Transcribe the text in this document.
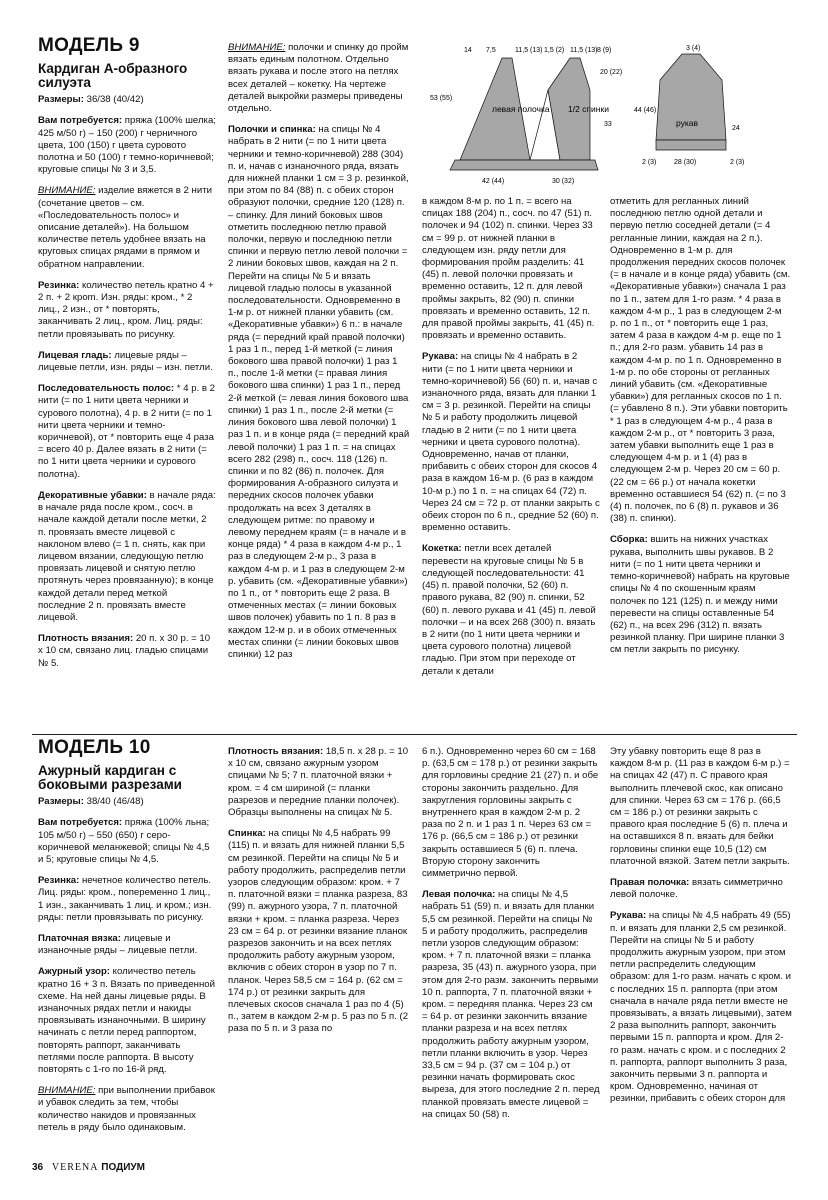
МОДЕЛЬ 9
Кардиган А-образного силуэта

Размеры: 36/38 (40/42)

Вам потребуется: пряжа (100% шелка; 425 м/50 г) – 150 (200) г черничного цвета, 100 (150) г цвета суровото полотна и 50 (100) г темно-коричневой; круговые спицы № 3 и 3,5.

ВНИМАНИЕ: изделие вяжется в 2 нити (сочетание цветов – см. «Последовательность полос» и описание деталей»). На большом количестве петель удобнее вязать на круговых спицах рядами в прямом и обратном направлении.

Резинка: количество петель кратно 4 + 2 п. + 2 крom. Изн. ряды: кром., * 2 лиц., 2 изн., от * повторять, заканчивать 2 лиц., кром. Лиц. ряды: петли провязывать по рисунку.

Лицевая гладь: лицевые ряды – лицевые петли, изн. ряды – изн. петли.

Последовательность полос: * 4 р. в 2 нити (= по 1 нити цвета черники и сурового полотна), 4 р. в 2 нити (= по 1 нити цвета черники и темно-коричневой), от * повторить еще 4 раза = всего 40 р. Далее вязать в 2 нити (= по 1 нити цвета черники и сурового полотна).

Декоративные убавки: в начале ряда: в начале ряда после кром., сосч. в начале каждой детали после метки, 2 п. провязать вместе лицевой с наклоном влево (= 1 п. снять, как при лицевом вязании, следующую петлю провязать лицевой и снятую петлю протянуть через провязанную); в конце каждой детали перед меткой последние 2 п. провязать вместе лицевой.

Плотность вязания: 20 п. х 30 р. = 10 х 10 см, связано лиц. гладью спицами № 5.

ВНИМАНИЕ: полочки и спинку до пройм вязать единым полотном. Отдельно вязать рукава и после этого на петлях всех деталей – кокетку. На чертеже деталей выкройки размеры приведены отдельно.

Полочки и спинка: на спицы № 4 набрать в 2 нити (= по 1 нити цвета черники и темно-коричневой) 288 (304) п. и, начав с изнаночного ряда, вязать для нижней планки 1 см = 3 р. резинкой, при этом по 84 (88) п. с обеих сторон образуют полочки, средние 120 (128) п. – спинку. Для линий боковых швов отметить последнюю петлю правой полочки, первую и последнюю петли спинки и первую петлю левой полочки = 2 линии боковых швов, каждая на 2 п. Перейти на спицы № 5 и вязать лицевой гладью полосы в указанной последовательности. Одновременно в 1-м р. от нижней планки убавить (см. «Декоративные убавки») 6 п.: в начале ряда (= передний край правой полочки) 1 раз 1 п., перед 1-й меткой (= линия бокового шва правой полочки) 1 раз 1 п., после 1-й метки (= правая линия бокового шва спинки) 1 раз 1 п., перед 2-й меткой (= левая линия бокового шва спинки) 1 раз 1 п., после 2-й метки (= линия бокового шва левой полочки) 1 раз 1 п. и в конце ряда (= передний край левой полочки) 1 раз 1 п. = на спицах всего 282 (298) п., сосч. 118 (126) п. спинки и по 82 (86) п. полочек. Для формирования А-образного силуэта и передних скосов полочек убавки продолжать на всех 3 деталях в следующем ритме: по правому и левому переднем краям (= в начале и в конце ряда) * 4 раза в каждом 4-м р., 1 раз в следующем 2-м р., 3 раза в каждом 4-м р. и 1 раз в следующем 2-м р. убавить (см. «Декоративные убавки») по 1 п., от * повторить еще 2 раза. В отмеченных местах (= линии боковых швов полочек) убавить по 1 п. 8 раз в каждом 12-м р. и в обоих отмеченных местах спинки (= линии боковых швов спинки) 12 раз

левая полочка 1/2 спинки
14 7,5	11,5 (13) 1,5 (2) 11,5 (13) 8 (9)
20 (22)
53 (55)
33
42 (44)	30 (32)
рукав
3 (4)
44 (46)
24
28 (30)
2 (3)	2 (3)

в каждом 8-м р. по 1 п. = всего на спицах 188 (204) п., сосч. по 47 (51) п. полочек и 94 (102) п. спинки. Через 33 см = 99 р. от нижней планки в следующем изн. ряду петли для формирования пройм разделить: 41 (45) п. левой полочки провязать и временно оставить, 12 п. для левой проймы закрыть, 82 (90) п. спинки провязать и временно оставить, 12 п. для правой проймы закрыть, 41 (45) п. провязать и временно оставить.

Рукава: на спицы № 4 набрать в 2 нити (= по 1 нити цвета черники и темно-коричневой) 56 (60) п. и, начав с изнаночного ряда, вязать для планки 1 см = 3 р. резинкой. Перейти на спицы № 5 и работу продолжить лицевой гладью в 2 нити (= по 1 нити цвета черники и цвета сурового полотна). Одновременно, начав от планки, прибавить с обеих сторон для скосов 4 раза в каждом 16-м р. (6 раз в каждом 10-м р.) по 1 п. = на спицах 64 (72) п. Через 24 см = 72 р. от планки закрыть с обеих сторон по 6 п., средние 52 (60) п. временно оставить.

Кокетка: петли всех деталей перевести на круговые спицы № 5 в следующей последовательности: 41 (45) п. правой полочки, 52 (60) п. правого рукава, 82 (90) п. спинки, 52 (60) п. левого рукава и 41 (45) п. левой полочки – и на всех 268 (300) п. вязать в 2 нити (по 1 нити цвета черники и цвета сурового полотна) лицевой гладью. При этом при переходе от детали к детали

отметить для регланных линий последнюю петлю одной детали и первую петлю соседней детали (= 4 регланные линии, каждая на 2 п.). Одновременно в 1-м р. для продолжения передних скосов полочек (= в начале и в конце ряда) убавить (см. «Декоративные убавки») сначала 1 раз по 1 п., затем для 1-го разм. * 4 раза в каждом 4-м р., 1 раз в следующем 2-м р. по 1 п., от * повторить еще 1 раз, затем 4 раза в каждом 4-м р. еще по 1 п.; для 2-го разм. убавить 14 раз в каждом 4-м р. по 1 п. Одновременно в 1-м р. по обе стороны от регланных линий убавить (см. «Декоративные убавки») для регланных скосов по 1 п. (= убавлено 8 п.). Эти убавки повторить * 1 раз в следующем 4-м р., 4 раза в каждом 2-м р., от * повторить 3 раза, затем убавки выполнить еще 1 раз в следующем 4-м р. и 1 (4) раз в следующем 2-м р. Через 20 см = 60 р. (22 см = 66 р.) от начала кокетки временно оставшиеся 54 (62) п. (= по 3 (4) п. полочек, по 6 (8) п. рукавов и 36 (38) п. спинки).

Сборка: вшить на нижних участках рукава, выполнить швы рукавов. В 2 нити (= по 1 нити цвета черники и темно-коричневой) набрать на круговые спицы № 4 по скошенным краям полочек по 121 (125) п. и между ними перевести на спицы оставленные 54 (62) п., на всех 296 (312) п. вязать резинкой планку. При ширине планки 3 см петли закрыть по рисунку.

МОДЕЛЬ 10
Ажурный кардиган с боковыми разрезами

Размеры: 38/40 (46/48)

Вам потребуется: пряжа (100% льна; 105 м/50 г) – 550 (650) г серо-коричневой меланжевой; спицы № 4,5 и 5; круговые спицы № 4,5.

Резинка: нечетное количество петель. Лиц. ряды: кром., попеременно 1 лиц., 1 изн., заканчивать 1 лиц. и кром.; изн. ряды: петли провязывать по рисунку.

Платочная вязка: лицевые и изнаночные ряды – лицевые петли.

Ажурный узор: количество петель кратно 16 + 3 п. Вязать по приведенной схеме. На ней даны лицевые ряды. В изнаночных рядах петли и накиды провязывать изнаночными. В ширину начинать с петли перед раппортом, повторять раппорт, заканчивать петлями после раппорта. В высоту повторять с 1-го по 16-й ряд.

ВНИМАНИЕ: при выполнении прибавок и убавок следить за тем, чтобы количество накидов и провязанных петель в ряду было одинаковым.

Плотность вязания: 18,5 п. х 28 р. = 10 х 10 см, связано ажурным узором спицами № 5; 7 п. платочной вязки + кром. = 4 см шириной (= планки разрезов и передние планки полочек). Образцы выполнены на спицах № 5.

Спинка: на спицы № 4,5 набрать 99 (115) п. и вязать для нижней планки 5,5 см резинкой. Перейти на спицы № 5 и работу продолжить, распределив петли узоров следующим образом: кром. + 7 п. платочной вязки = планка разреза, 83 (99) п. ажурного узора, 7 п. платочной вязки + кром. = планка разреза. Через 23 см = 64 р. от резинки вязание планок разрезов закончить и на всех петлях продолжить работу ажурным узором, включив с обеих сторон в узор по 7 п. планок. Через 58,5 см = 164 р. (62 см = 174 р.) от резинки закрыть для плечевых скосов сначала 1 раз по 4 (5) п., затем в каждом 2-м р. 5 раз по 5 п. (2 раза по 5 п. и 3 раза по

6 п.). Одновременно через 60 см = 168 р. (63,5 см = 178 р.) от резинки закрыть для горловины средние 21 (27) п. и обе стороны закончить раздельно. Для закругления горловины закрыть с внутреннего края в каждом 2-м р. 2 раза по 2 п. и 1 раз 1 п. Через 63 см = 176 р. (66,5 см = 186 р.) от резинки закрыть оставшиеся 5 (6) п. плеча. Вторую сторону закончить симметрично первой.

Левая полочка: на спицы № 4,5 набрать 51 (59) п. и вязать для планки 5,5 см резинкой. Перейти на спицы № 5 и работу продолжить, распределив петли узоров следующим образом: кром. + 7 п. платочной вязки = планка разреза, 35 (43) п. ажурного узора, при этом для 2-го разм. закончить первыми 10 п. раппорта, 7 п. платочной вязки + кром. = передняя планка. Через 23 см = 64 р. от резинки закончить вязание планки разреза и на всех петлях продолжить работу ажурным узором, петли планки включить в узор. Через 33,5 см = 94 р. (37 см = 104 р.) от резинки начать формировать скос выреза, для этого последние 2 п. перед планкой провязать вместе лицевой = на спицах 50 (58) п.

Эту убавку повторить еще 8 раз в каждом 8-м р. (11 раз в каждом 6-м р.) = на спицах 42 (47) п. С правого края выполнить плечевой скос, как описано для спинки. Через 63 см = 176 р. (66,5 см = 186 р.) от резинки закрыть с правого края последние 5 (6) п. плеча и на оставшихся 8 п. вязать для бейки горловины спинки еще 10,5 (12) см платочной вязкой. Затем петли закрыть.

Правая полочка: вязать симметрично левой полочке.

Рукава: на спицы № 4,5 набрать 49 (55) п. и вязать для планки 2,5 см резинкой. Перейти на спицы № 5 и работу продолжить ажурным узором, при этом петли распределить следующим образом: для 1-го разм. начать с кром. и с последних 15 п. раппорта (при этом сначала в начале ряда петли вместе не провязывать, а вязать лицевыми), затем 2 раза выполнить раппорт, закончить первыми 15 п. раппорта и кром. Для 2-го разм. начать с кром. и с последних 2 п. раппорта, раппорт выполнить 3 раза, закончить первыми 3 п. раппорта и кром. Одновременно, начиная от резинки, прибавить с обеих сторон для

36 VERENA ПОДИУМ
